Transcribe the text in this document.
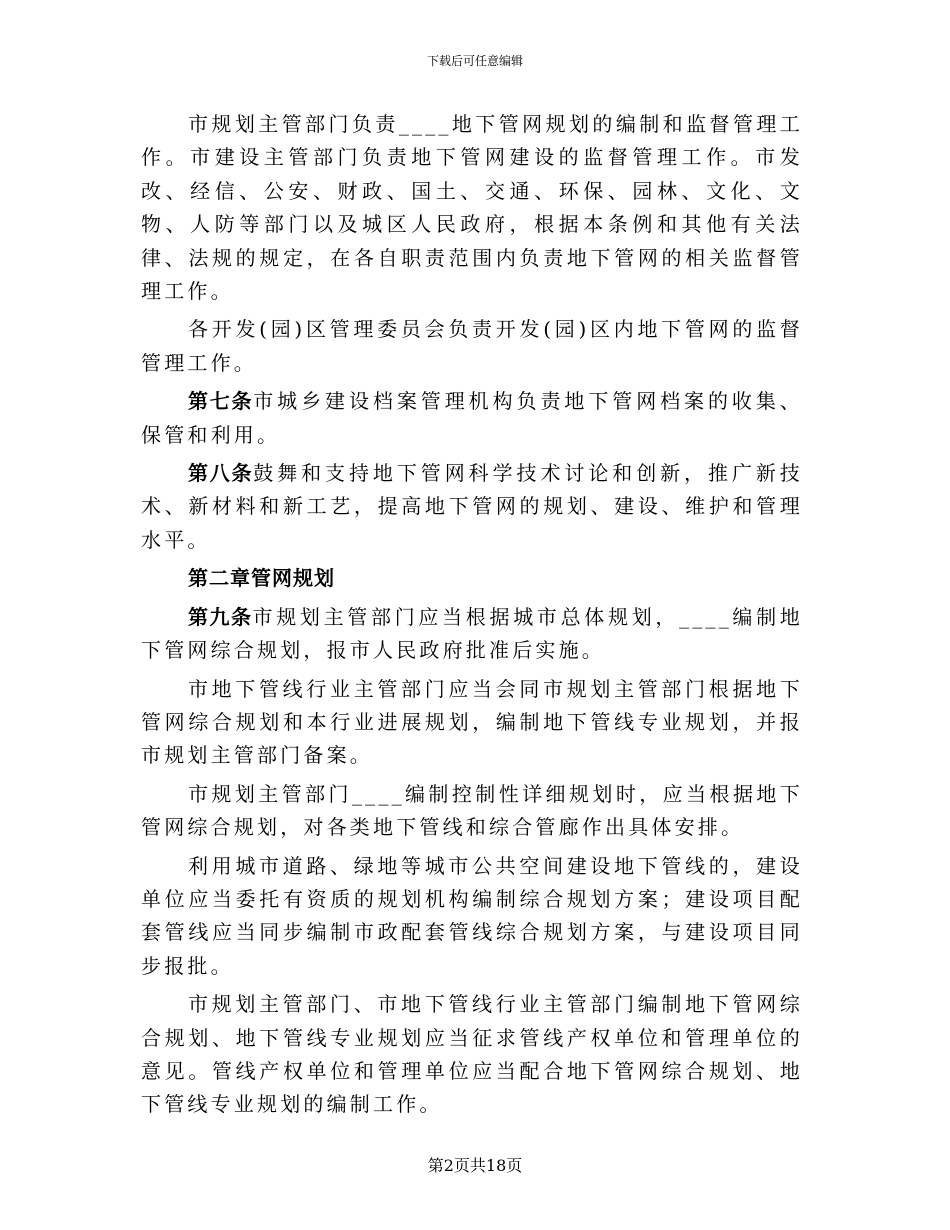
下载后可任意编辑

市规划主管部门负责____地下管网规划的编制和监督管理工作。市建设主管部门负责地下管网建设的监督管理工作。市发改、经信、公安、财政、国土、交通、环保、园林、文化、文物、人防等部门以及城区人民政府，根据本条例和其他有关法律、法规的规定，在各自职责范围内负责地下管网的相关监督管理工作。

各开发(园)区管理委员会负责开发(园)区内地下管网的监督管理工作。

第七条市城乡建设档案管理机构负责地下管网档案的收集、保管和利用。

第八条鼓舞和支持地下管网科学技术讨论和创新，推广新技术、新材料和新工艺，提高地下管网的规划、建设、维护和管理水平。

第二章管网规划

第九条市规划主管部门应当根据城市总体规划，____编制地下管网综合规划，报市人民政府批准后实施。

市地下管线行业主管部门应当会同市规划主管部门根据地下管网综合规划和本行业进展规划，编制地下管线专业规划，并报市规划主管部门备案。

市规划主管部门____编制控制性详细规划时，应当根据地下管网综合规划，对各类地下管线和综合管廊作出具体安排。

利用城市道路、绿地等城市公共空间建设地下管线的，建设单位应当委托有资质的规划机构编制综合规划方案；建设项目配套管线应当同步编制市政配套管线综合规划方案，与建设项目同步报批。

市规划主管部门、市地下管线行业主管部门编制地下管网综合规划、地下管线专业规划应当征求管线产权单位和管理单位的意见。管线产权单位和管理单位应当配合地下管网综合规划、地下管线专业规划的编制工作。

第2页共18页
